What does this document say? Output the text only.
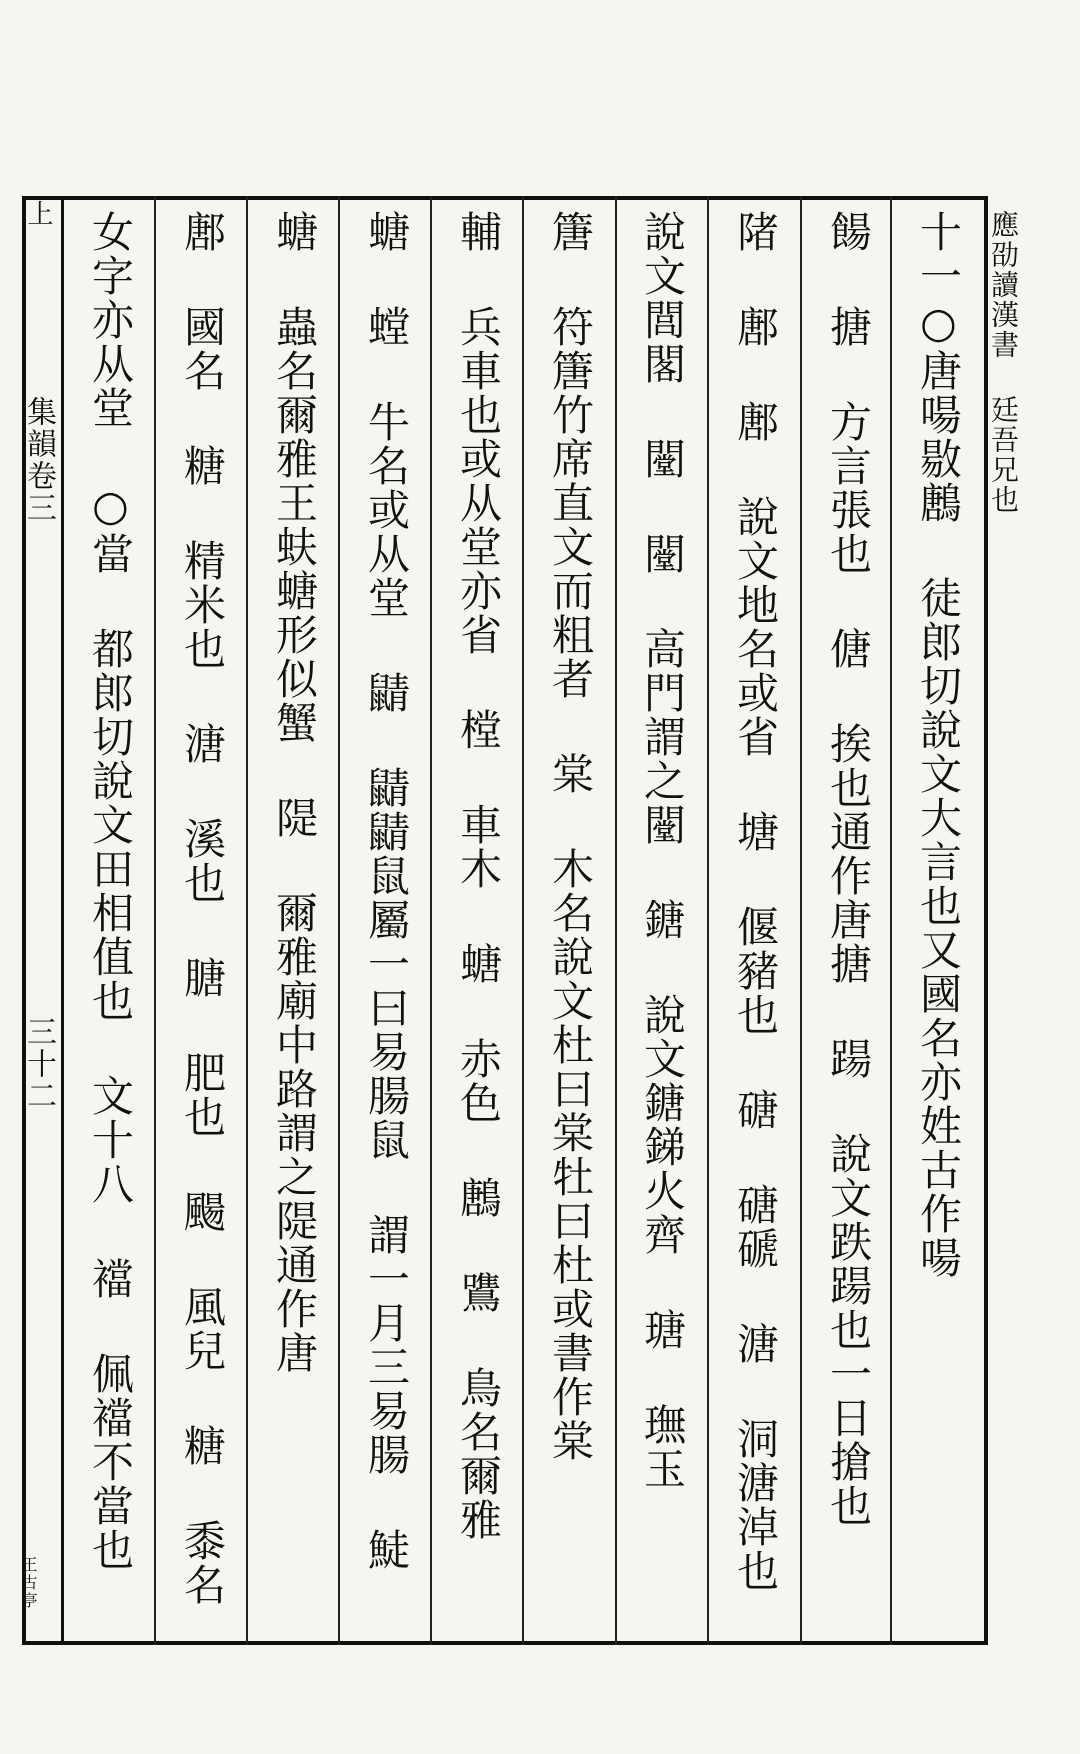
上
集韻卷三
三十二
王古亭
應劭讀漢書 廷吾兄也
十一○唐啺敭鶶 徒郎切說文大言也又國名亦姓古作啺
餳 搪 方言張也 傏 挨也通作唐搪 踼 說文跌踼也一日搶也
陼 鄌 鄌 說文地名或省 塘 偃豬也 磄 磄磃 溏 洞溏淖也
說文閭閣 闛 闛 高門謂之闛 鎕 說文鎕銻火齊 瑭 璑玉
篖 符篖竹席直文而粗者 棠 木名說文杜曰棠牡曰杜或書作棠
輔 兵車也或从堂亦省 樘 車木 螗 赤色 鶶 鷕 鳥名爾雅
螗 螳 牛名或从堂 鼱 鼱鼱鼠屬一曰易腸鼠 謂一月三易腸 鯐
螗 蟲名爾雅王蚨螗形似蟹 隄 爾雅廟中路謂之隄通作唐
鄌 國名 糖 精米也 溏 溪也 膅 肥也 颺 風兒 糖 黍名
女字亦从堂 ○當 都郎切說文田相值也 文十八 襠 佩襠不當也
